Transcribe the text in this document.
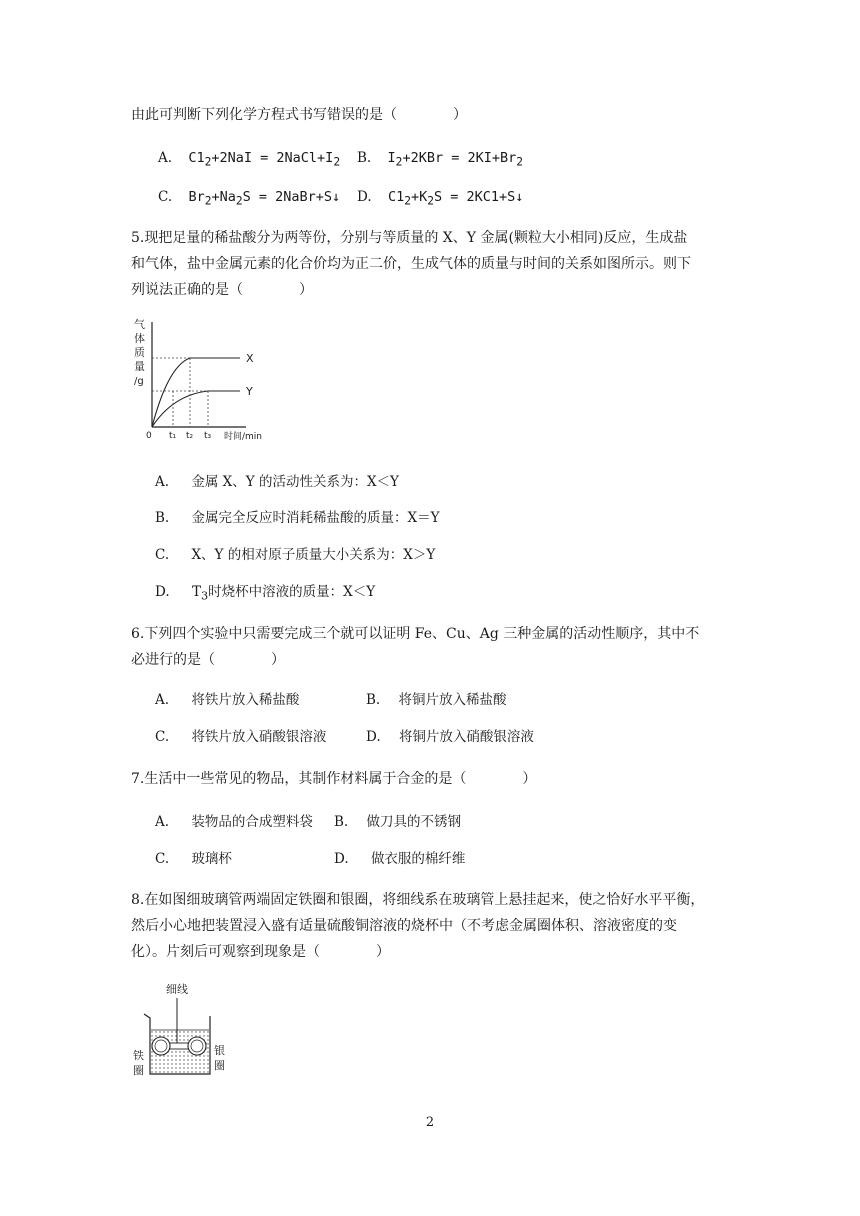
由此可判断下列化学方程式书写错误的是（　　　　）
A. $C1_2+2NaI$ = $2NaCl+I_2$ B. $I_2+2KBr = 2KI+Br_2$
C. $Br_2+Na_2S$ = 2NaBr+S↓ D. $C1_2+K_2S$ = 2KC1+S↓
5.现把足量的稀盐酸分为两等份，分别与等质量的 X、Y 金属(颗粒大小相同)反应，生成盐
和气体，盐中金属元素的化合价均为正二价，生成气体的质量与时间的关系如图所示。则下
列说法正确的是（　　　　）
气
体
质
量
/g
X
Y
0 t₁ t₂ t₃ 时间/min
A. 金属 X、Y 的活动性关系为：X＜Y
B. 金属完全反应时消耗稀盐酸的质量：X＝Y
C. X、Y 的相对原子质量大小关系为：X＞Y
D. $T_3$时烧杯中溶液的质量：X＜Y
6.下列四个实验中只需要完成三个就可以证明 Fe、Cu、Ag 三种金属的活动性顺序，其中不
必进行的是（　　　　）
A. 将铁片放入稀盐酸	B. 将铜片放入稀盐酸
C. 将铁片放入硝酸银溶液	D. 将铜片放入硝酸银溶液
7.生活中一些常见的物品，其制作材料属于合金的是（　　　　）
A. 装物品的合成塑料袋 B. 做刀具的不锈钢
C. 玻璃杯	D. 做衣服的棉纤维
8.在如图细玻璃管两端固定铁圈和银圈，将细线系在玻璃管上悬挂起来，使之恰好水平平衡，
然后小心地把装置浸入盛有适量硫酸铜溶液的烧杯中（不考虑金属圈体积、溶液密度的变
化）。片刻后可观察到现象是（　　　　）
细线
铁
圈
银
圈
2
